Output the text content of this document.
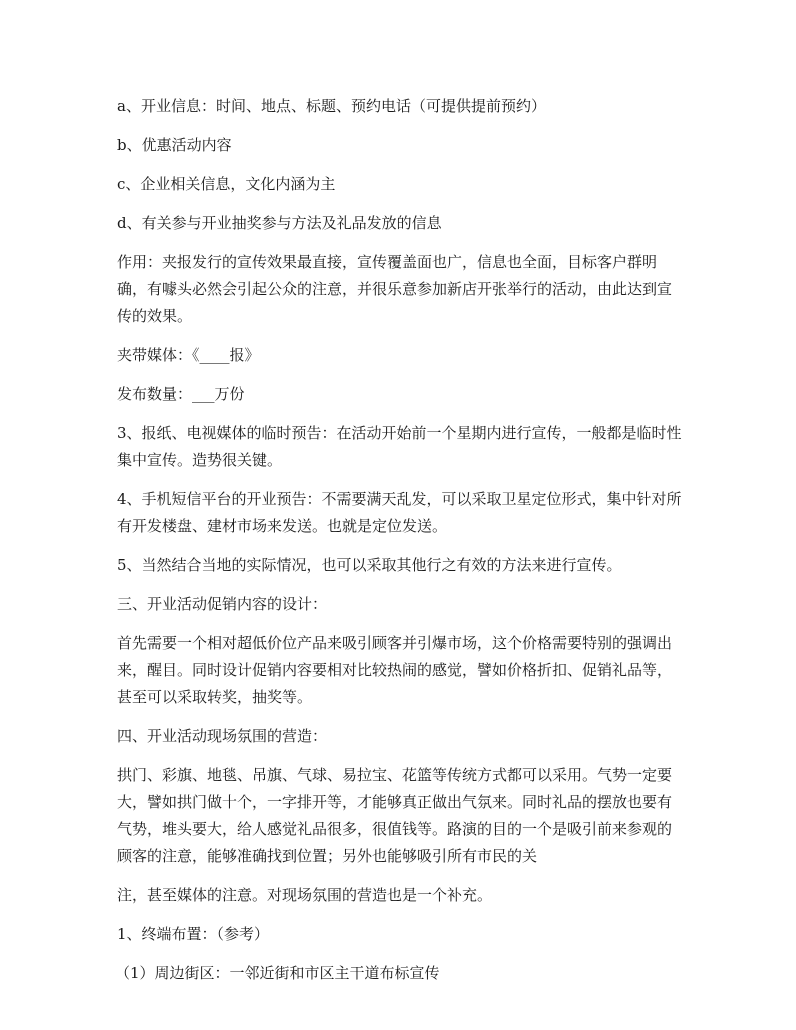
a、开业信息：时间、地点、标题、预约电话（可提供提前预约）

b、优惠活动内容

c、企业相关信息，文化内涵为主

d、有关参与开业抽奖参与方法及礼品发放的信息

作用：夹报发行的宣传效果最直接，宣传覆盖面也广，信息也全面，目标客户群明确，有噱头必然会引起公众的注意，并很乐意参加新店开张举行的活动，由此达到宣传的效果。

夹带媒体：《____报》

发布数量：___万份

3、报纸、电视媒体的临时预告：在活动开始前一个星期内进行宣传，一般都是临时性集中宣传。造势很关键。

4、手机短信平台的开业预告：不需要满天乱发，可以采取卫星定位形式，集中针对所有开发楼盘、建材市场来发送。也就是定位发送。

5、当然结合当地的实际情况，也可以采取其他行之有效的方法来进行宣传。

三、开业活动促销内容的设计：

首先需要一个相对超低价位产品来吸引顾客并引爆市场，这个价格需要特别的强调出来，醒目。同时设计促销内容要相对比较热闹的感觉，譬如价格折扣、促销礼品等，甚至可以采取转奖，抽奖等。

四、开业活动现场氛围的营造：

拱门、彩旗、地毯、吊旗、气球、易拉宝、花篮等传统方式都可以采用。气势一定要大，譬如拱门做十个，一字排开等，才能够真正做出气氛来。同时礼品的摆放也要有气势，堆头要大，给人感觉礼品很多，很值钱等。路演的目的一个是吸引前来参观的顾客的注意，能够准确找到位置；另外也能够吸引所有市民的关

注，甚至媒体的注意。对现场氛围的营造也是一个补充。

1、终端布置：（参考）

（1）周边街区：一邻近街和市区主干道布标宣传
